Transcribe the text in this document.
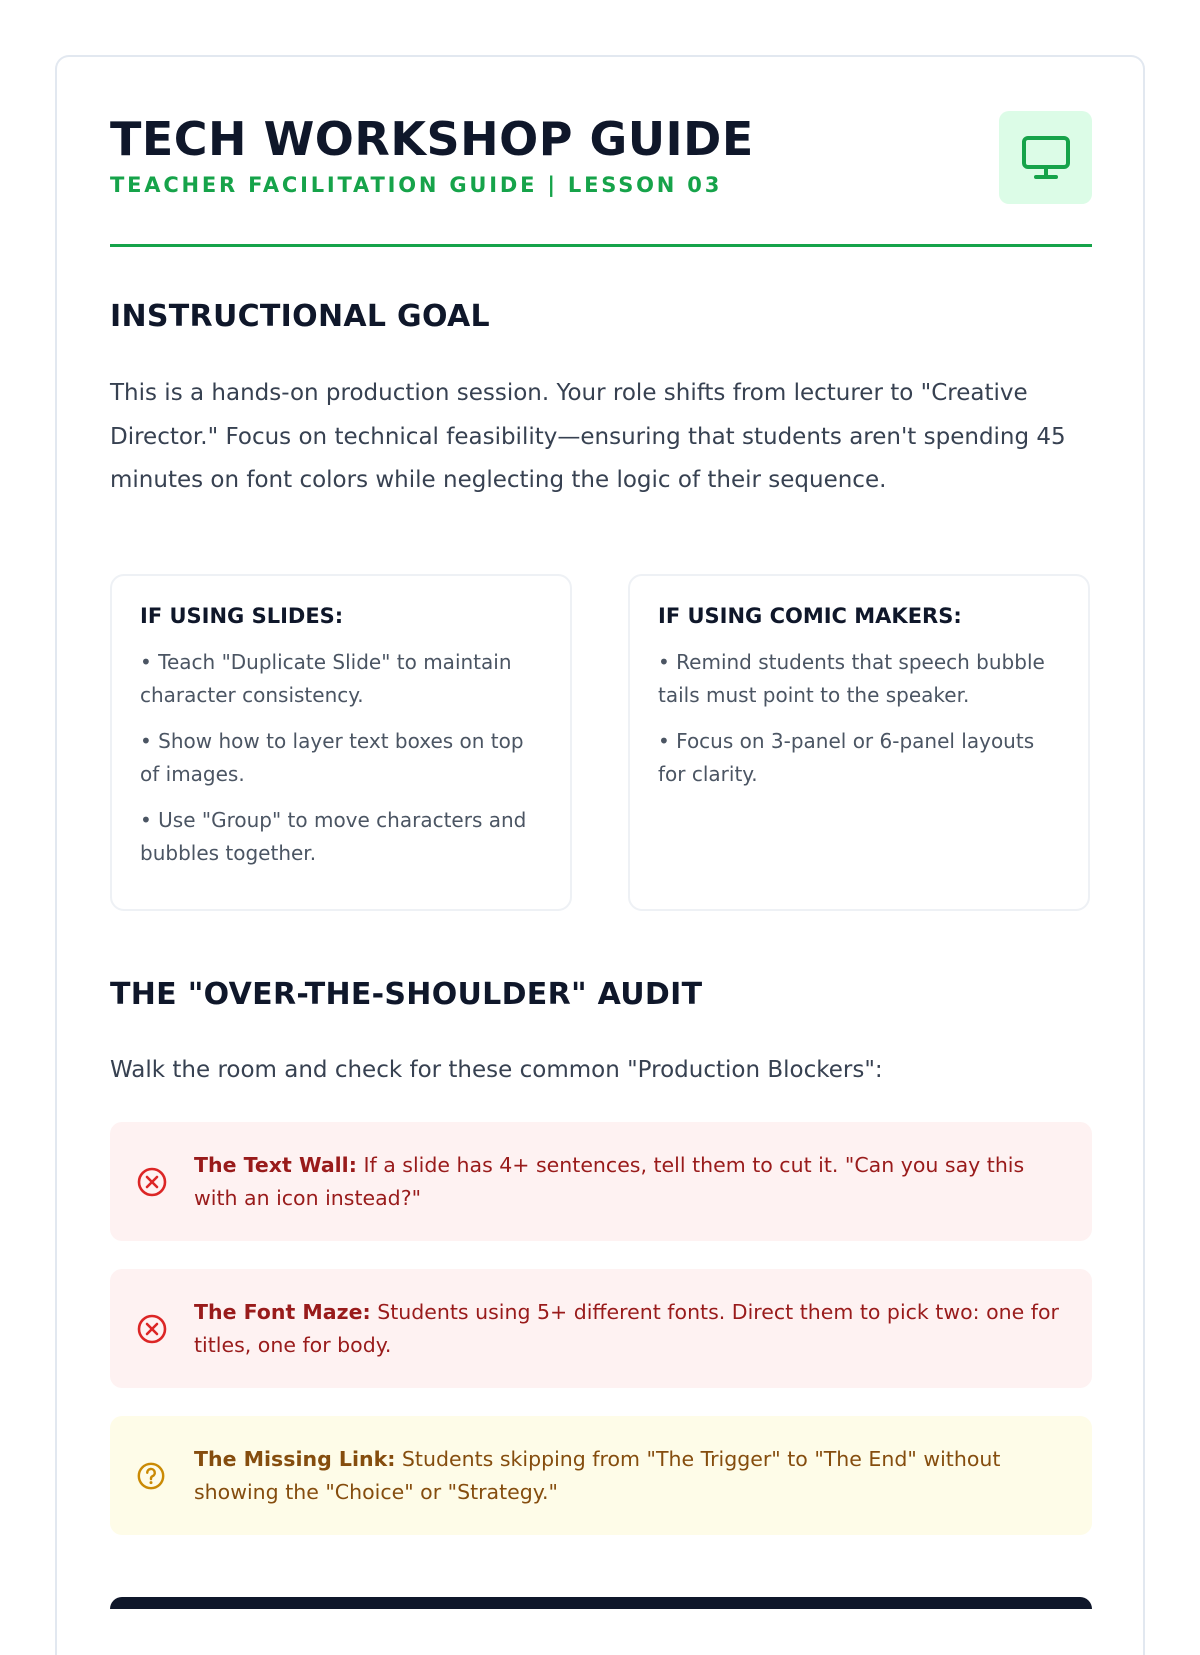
TECH WORKSHOP GUIDE
TEACHER FACILITATION GUIDE | LESSON 03
INSTRUCTIONAL GOAL

This is a hands-on production session. Your role shifts from lecturer to "Creative Director." Focus on technical feasibility—ensuring that students aren't spending 45 minutes on font colors while neglecting the logic of their sequence.

IF USING SLIDES:
• Teach "Duplicate Slide" to maintain character consistency.
• Show how to layer text boxes on top of images.
• Use "Group" to move characters and bubbles together.
IF USING COMIC MAKERS:
• Remind students that speech bubble tails must point to the speaker.
• Focus on 3-panel or 6-panel layouts for clarity.
THE "OVER-THE-SHOULDER" AUDIT

Walk the room and check for these common "Production Blockers":

The Text Wall: If a slide has 4+ sentences, tell them to cut it. "Can you say this with an icon instead?"

The Font Maze: Students using 5+ different fonts. Direct them to pick two: one for titles, one for body.

The Missing Link: Students skipping from "The Trigger" to "The End" without showing the "Choice" or "Strategy."
